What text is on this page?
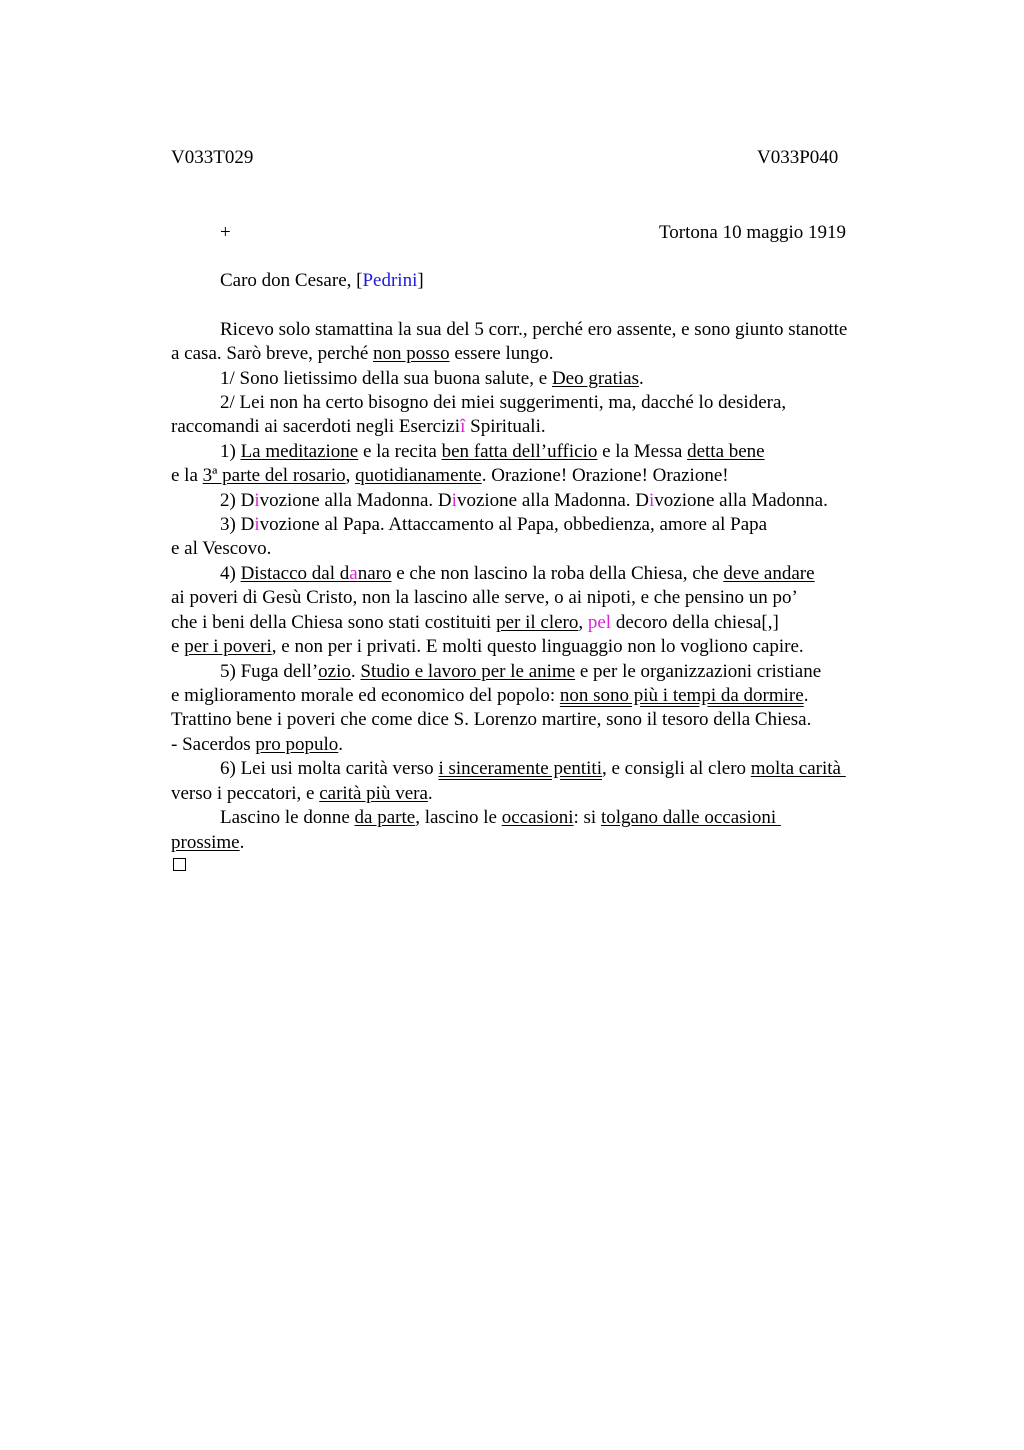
V033T029	V033P040
+	Tortona 10 maggio 1919
Caro don Cesare, [Pedrini]
Ricevo solo stamattina la sua del 5 corr., perché ero assente, e sono giunto stanotte
a casa. Sarò breve, perché non posso essere lungo.
1/ Sono lietissimo della sua buona salute, e Deo gratias.
2/ Lei non ha certo bisogno dei miei suggerimenti, ma, dacché lo desidera,
raccomandi ai sacerdoti negli Eserciziî Spirituali.
1) La meditazione e la recita ben fatta dell’ufficio e la Messa detta bene
e la 3ª parte del rosario, quotidianamente. Orazione! Orazione! Orazione!
2) Divozione alla Madonna. Divozione alla Madonna. Divozione alla Madonna.
3) Divozione al Papa. Attaccamento al Papa, obbedienza, amore al Papa
e al Vescovo.
4) Distacco dal danaro e che non lascino la roba della Chiesa, che deve andare
ai poveri di Gesù Cristo, non la lascino alle serve, o ai nipoti, e che pensino un po’
che i beni della Chiesa sono stati costituiti per il clero, pel decoro della chiesa[,]
e per i poveri, e non per i privati. E molti questo linguaggio non lo vogliono capire.
5) Fuga dell’ozio. Studio e lavoro per le anime e per le organizzazioni cristiane
e miglioramento morale ed economico del popolo: non sono più i tempi da dormire.
Trattino bene i poveri che come dice S. Lorenzo martire, sono il tesoro della Chiesa.
- Sacerdos pro populo.
6) Lei usi molta carità verso i sinceramente pentiti, e consigli al clero molta carità
verso i peccatori, e carità più vera.
Lascino le donne da parte, lascino le occasioni: si tolgano dalle occasioni
prossime.
